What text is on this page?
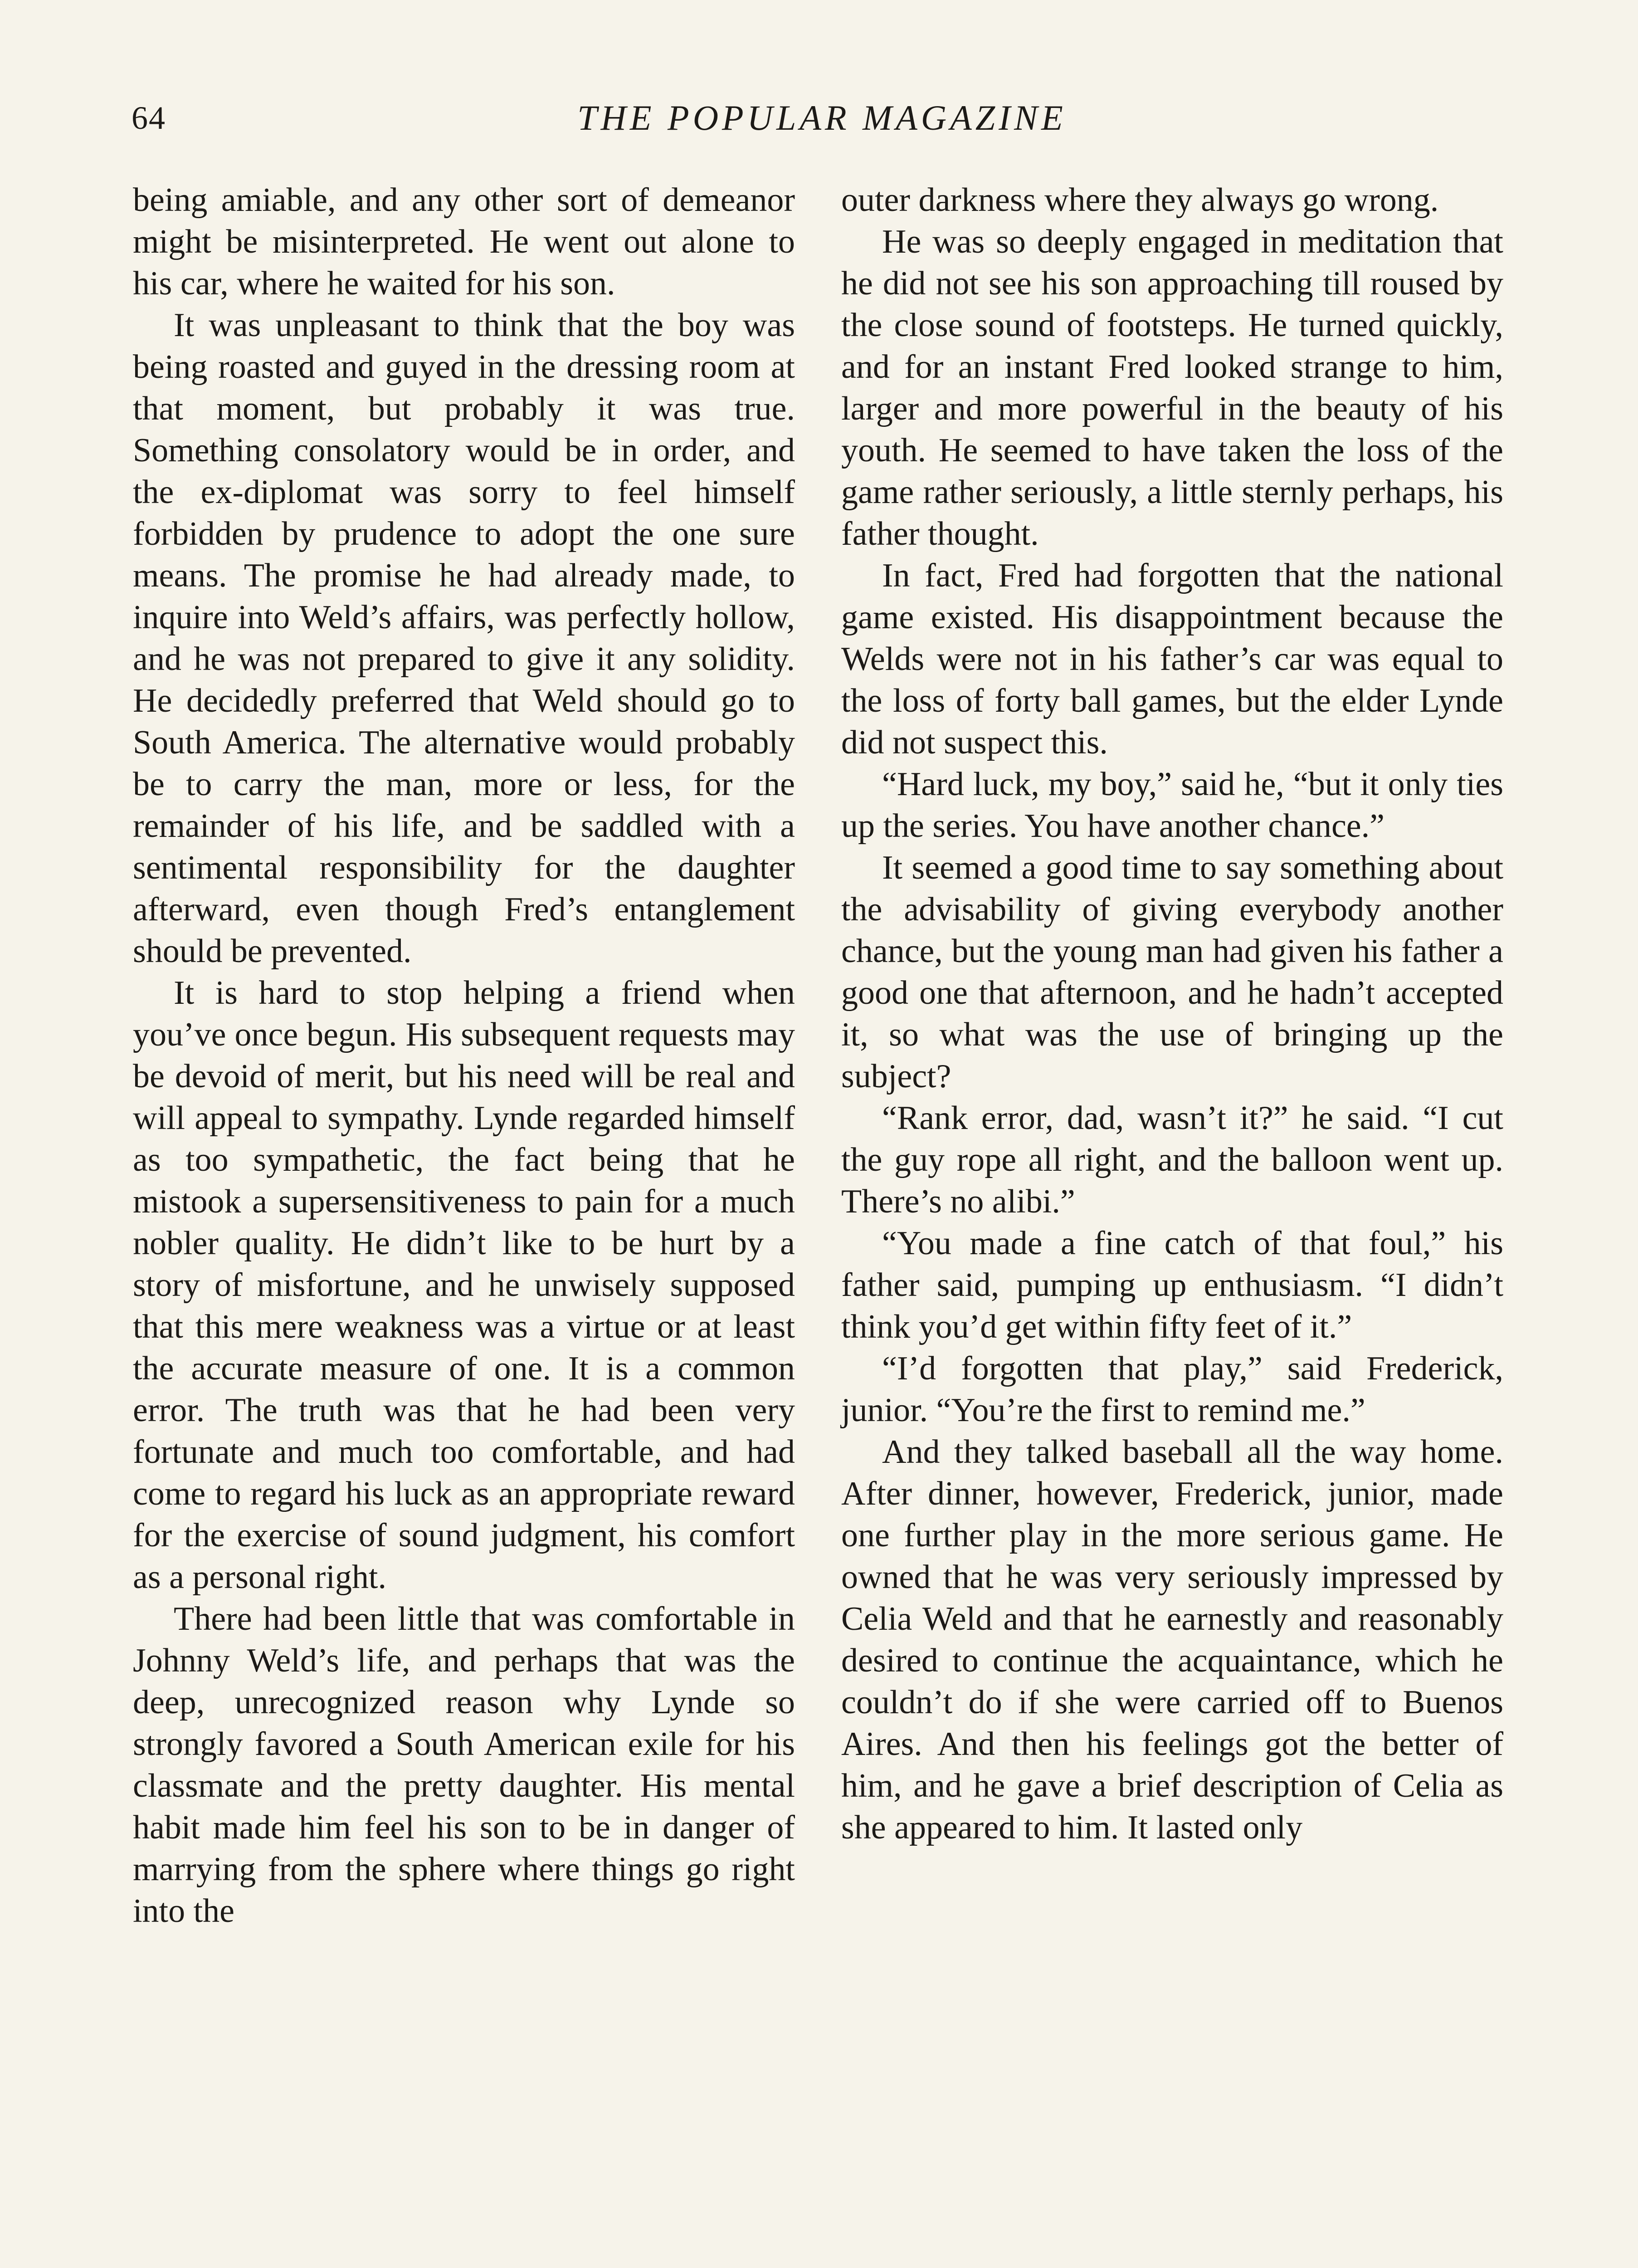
64	THE POPULAR MAGAZINE

being amiable, and any other sort of demeanor might be misinterpreted. He went out alone to his car, where he waited for his son.

It was unpleasant to think that the boy was being roasted and guyed in the dressing room at that moment, but probably it was true. Something consolatory would be in order, and the ex-diplomat was sorry to feel himself forbidden by prudence to adopt the one sure means. The promise he had already made, to inquire into Weld’s affairs, was perfectly hollow, and he was not prepared to give it any solidity. He decidedly preferred that Weld should go to South America. The alternative would probably be to carry the man, more or less, for the remainder of his life, and be saddled with a sentimental responsibility for the daughter afterward, even though Fred’s entanglement should be prevented.

It is hard to stop helping a friend when you’ve once begun. His subsequent requests may be devoid of merit, but his need will be real and will appeal to sympathy. Lynde regarded himself as too sympathetic, the fact being that he mistook a supersensitiveness to pain for a much nobler quality. He didn’t like to be hurt by a story of misfortune, and he unwisely supposed that this mere weakness was a virtue or at least the accurate measure of one. It is a common error. The truth was that he had been very fortunate and much too comfortable, and had come to regard his luck as an appropriate reward for the exercise of sound judgment, his comfort as a personal right.

There had been little that was comfortable in Johnny Weld’s life, and perhaps that was the deep, unrecognized reason why Lynde so strongly favored a South American exile for his classmate and the pretty daughter. His mental habit made him feel his son to be in danger of marrying from the sphere where things go right into the

outer darkness where they always go wrong.

He was so deeply engaged in meditation that he did not see his son approaching till roused by the close sound of footsteps. He turned quickly, and for an instant Fred looked strange to him, larger and more powerful in the beauty of his youth. He seemed to have taken the loss of the game rather seriously, a little sternly perhaps, his father thought.

In fact, Fred had forgotten that the national game existed. His disappointment because the Welds were not in his father’s car was equal to the loss of forty ball games, but the elder Lynde did not suspect this.

“Hard luck, my boy,” said he, “but it only ties up the series. You have another chance.”

It seemed a good time to say something about the advisability of giving everybody another chance, but the young man had given his father a good one that afternoon, and he hadn’t accepted it, so what was the use of bringing up the subject?

“Rank error, dad, wasn’t it?” he said. “I cut the guy rope all right, and the balloon went up. There’s no alibi.”

“You made a fine catch of that foul,” his father said, pumping up enthusiasm. “I didn’t think you’d get within fifty feet of it.”

“I’d forgotten that play,” said Frederick, junior. “You’re the first to remind me.”

And they talked baseball all the way home. After dinner, however, Frederick, junior, made one further play in the more serious game. He owned that he was very seriously impressed by Celia Weld and that he earnestly and reasonably desired to continue the acquaintance, which he couldn’t do if she were carried off to Buenos Aires. And then his feelings got the better of him, and he gave a brief description of Celia as she appeared to him. It lasted only
